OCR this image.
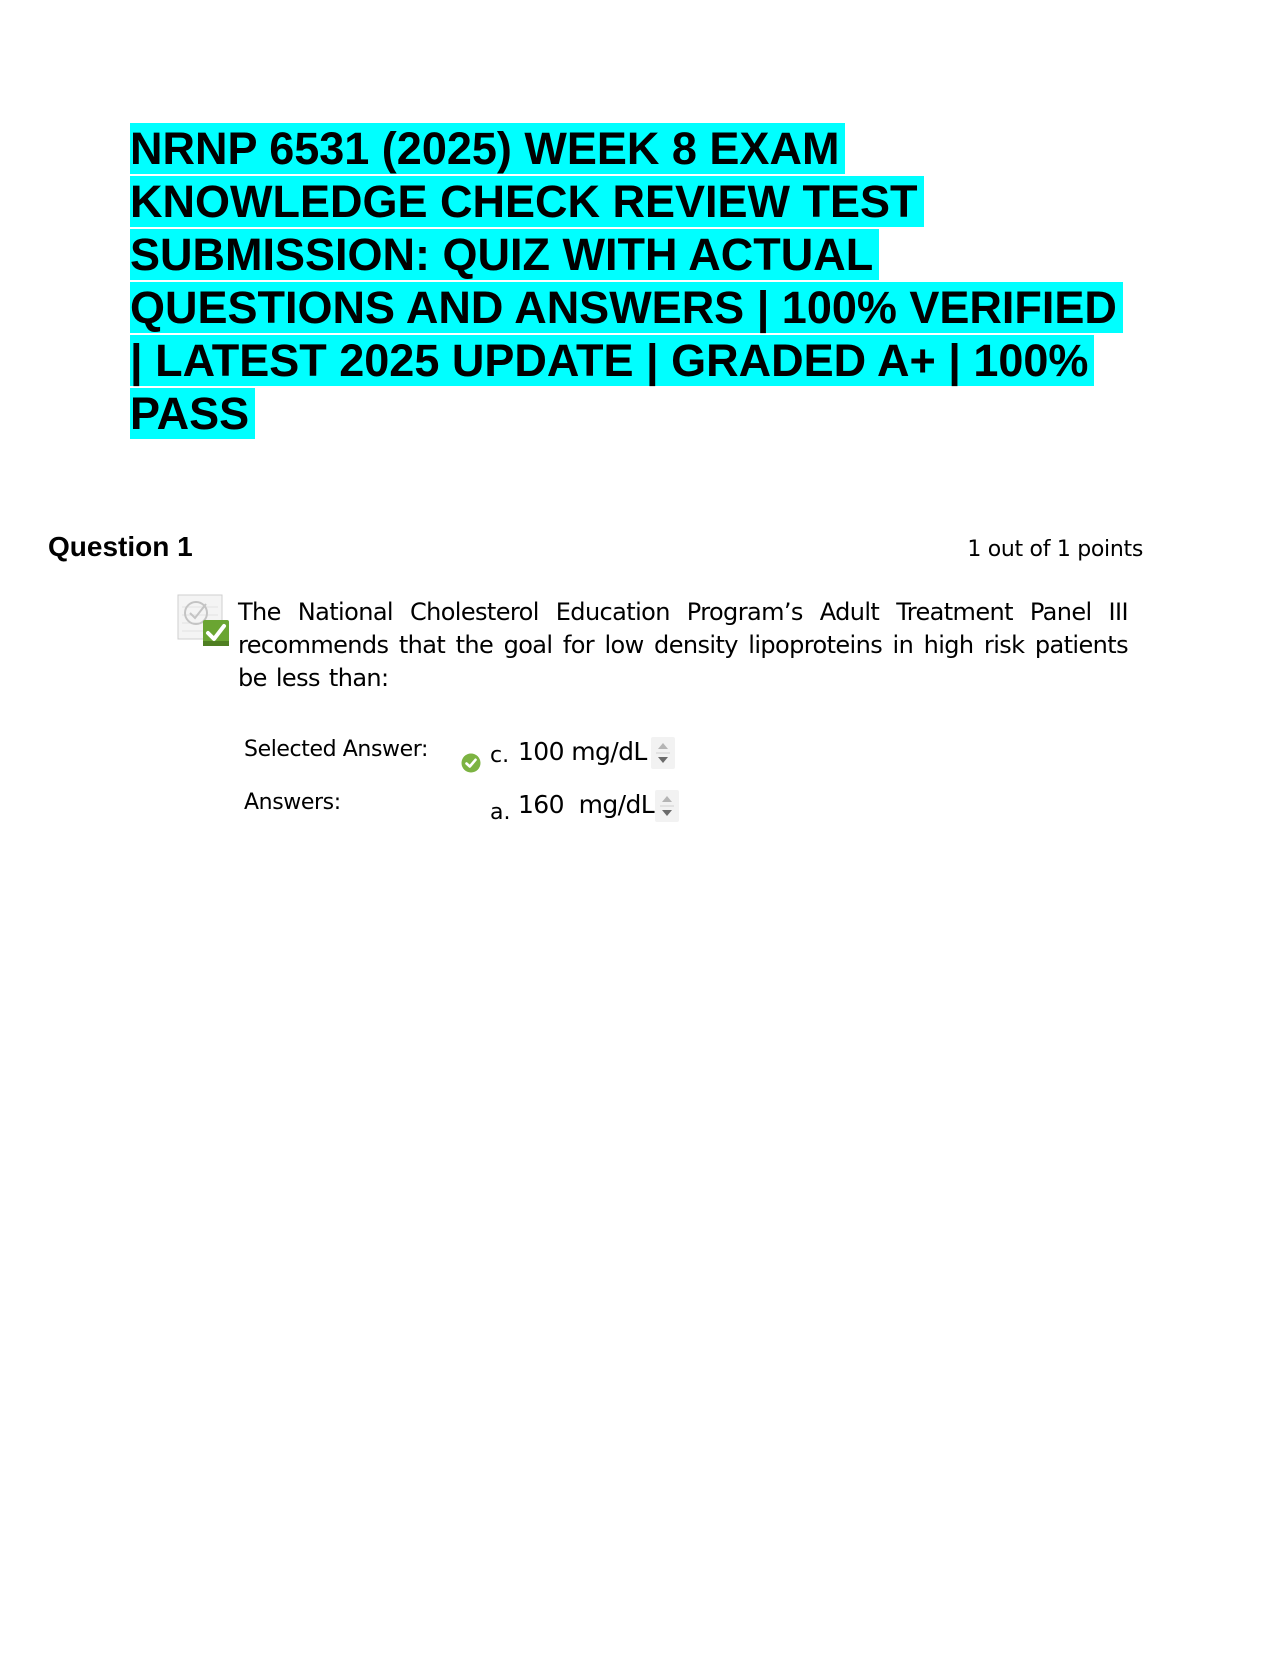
NRNP 6531 (2025) WEEK 8 EXAM
KNOWLEDGE CHECK REVIEW TEST
SUBMISSION: QUIZ WITH ACTUAL
QUESTIONS AND ANSWERS | 100% VERIFIED
| LATEST 2025 UPDATE | GRADED A+ | 100%
PASS
Question 1	1 out of 1 points

The National Cholesterol Education Program’s Adult Treatment Panel III recommends that the goal for low density lipoproteins in high risk patients be less than:

Selected Answer:	c. 100 mg/dL
Answers:	a. 160  mg/dL
